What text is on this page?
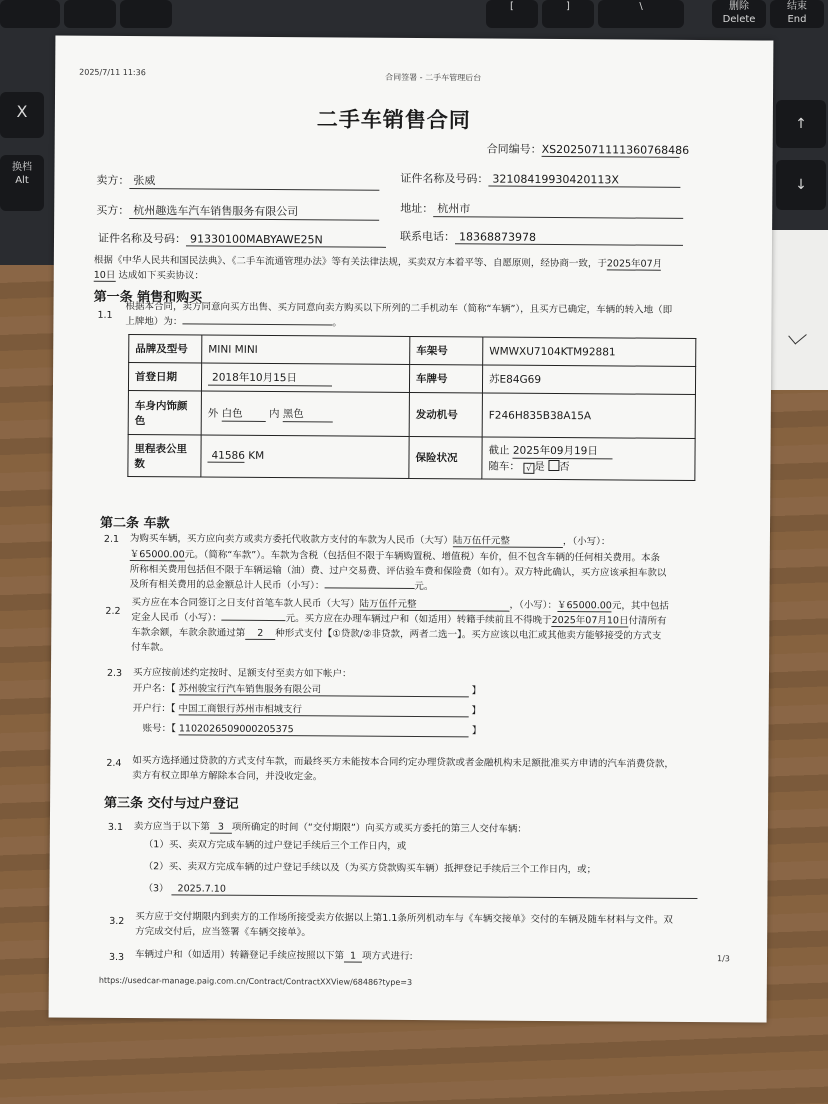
[	]	\	删除
Delete
结束
End
X
换档
Alt
↑
↓
2025/7/11 11:36
合同签署 - 二手车管理后台
二手车销售合同
合同编号：XS2025071111360768486
卖方： 张威	证件名称及号码： 32108419930420113X
买方： 杭州趣选车汽车销售服务有限公司	地址： 杭州市
证件名称及号码： 91330100MABYAWE25N	联系电话： 18368873978
根据《中华人民共和国民法典》、《二手车流通管理办法》等有关法律法规，买卖双方本着平等、自愿原则，经协商一致，于2025年07月
10日 达成如下买卖协议：
第一条 销售和购买
1.1 根据本合同，卖方同意向买方出售、买方同意向卖方购买以下所列的二手机动车（简称“车辆”），且买方已确定，车辆的转入地（即
上牌地）为：	。
品牌及型号	MINI MINI	车架号	WMWXU7104KTM92881
首登日期	2018年10月15日	车牌号	苏E84G69
车身内饰颜色	外 白色 内 黑色	发动机号	F246H835B38A15A
里程表公里数	41586 KM	保险状况	截止 2025年09月19日
随车： √ 是 否
第二条 车款
2.1 为购买车辆，买方应向卖方或卖方委托代收款方支付的车款为人民币（大写）陆万伍仟元整	，（小写）：
￥65000.00元。（简称“车款”）。车款为含税（包括但不限于车辆购置税、增值税）车价，但不包含车辆的任何相关费用。本条
所称相关费用包括但不限于车辆运输（油）费、过户交易费、评估验车费和保险费（如有）。双方特此确认，买方应该承担车款以
及所有相关费用的总金额总计人民币（小写）：	元。
2.2
买方应在本合同签订之日支付首笔车款人民币（大写）陆万伍仟元整	，（小写）：￥65000.00元，其中包括
定金人民币（小写）：	元。买方应在办理车辆过户和（如适用）转籍手续前且不得晚于2025年07月10日付清所有
车款余额，车款余款通过第 2 种形式支付【①贷款/②非贷款，两者二选一】。买方应该以电汇或其他卖方能够接受的方式支
付车款。
2.3 买方应按前述约定按时、足额支付至卖方如下帐户：
开户名：【 苏州骏宝行汽车销售服务有限公司	】
开户行：【 中国工商银行苏州市相城支行	】
账号：【 1102026509000205375	】
2.4 如买方选择通过贷款的方式支付车款，而最终买方未能按本合同约定办理贷款或者金融机构未足额批准买方申请的汽车消费贷款，
卖方有权立即单方解除本合同，并没收定金。
第三条 交付与过户登记
3.1 卖方应当于以下第 3 项所确定的时间（“交付期限”）向买方或买方委托的第三人交付车辆：
（1）买、卖双方完成车辆的过户登记手续后三个工作日内，或
（2）买、卖双方完成车辆的过户登记手续以及（为买方贷款购买车辆）抵押登记手续后三个工作日内，或；
（3） 2025.7.10
3.2 买方应于交付期限内到卖方的工作场所接受卖方依据以上第1.1条所列机动车与《车辆交接单》交付的车辆及随车材料与文件。双
方完成交付后，应当签署《车辆交接单》。
3.3 车辆过户和（如适用）转籍登记手续应按照以下第 1 项方式进行:
https://usedcar-manage.paig.com.cn/Contract/ContractXXView/68486?type=3
1/3
